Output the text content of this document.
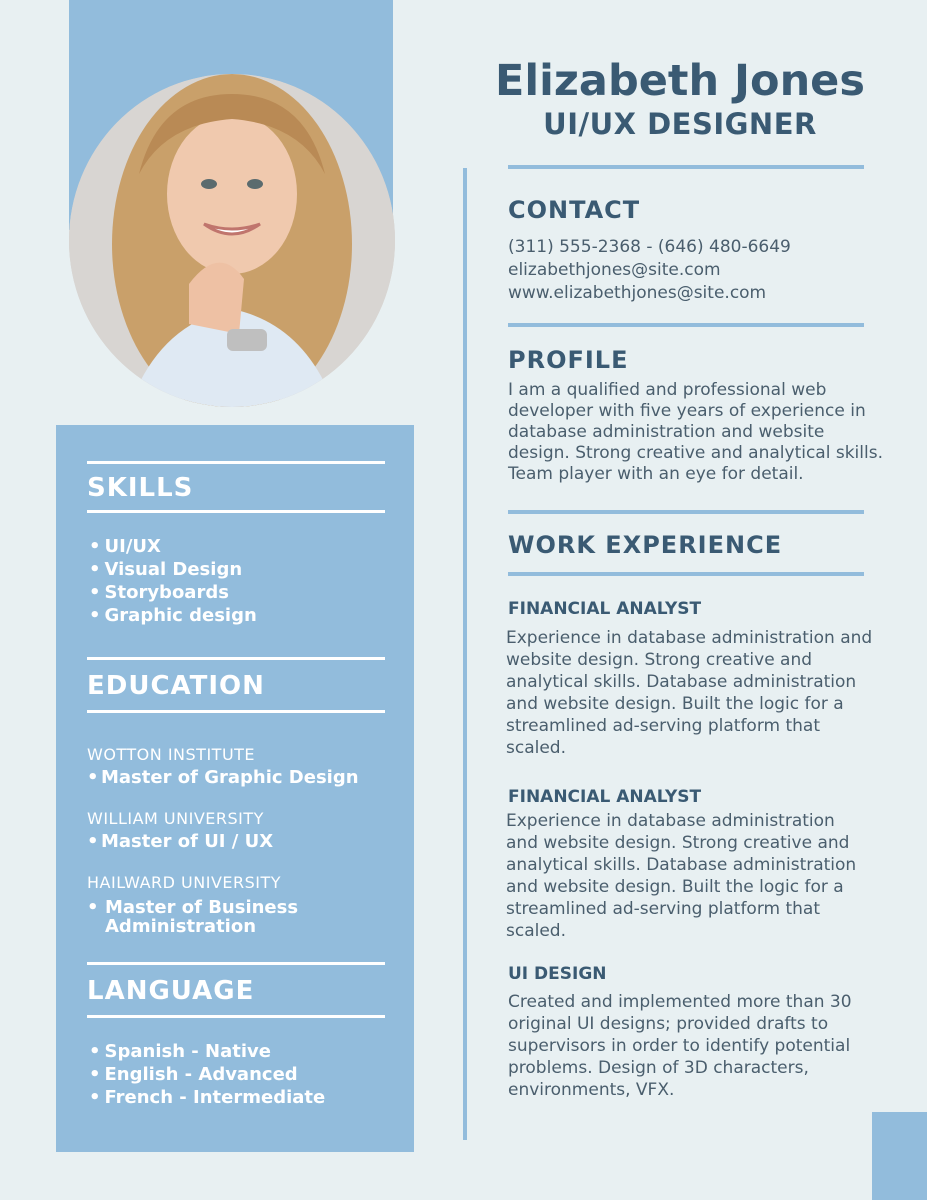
SKILLS
• UI/UX
• Visual Design
• Storyboards
• Graphic design
EDUCATION
WOTTON INSTITUTE
• Master of Graphic Design
WILLIAM UNIVERSITY
• Master of UI / UX
HAILWARD UNIVERSITY
• Master of Business
Administration
LANGUAGE
• Spanish - Native
• English - Advanced
• French - Intermediate
Elizabeth Jones
UI/UX DESIGNER
CONTACT
(311) 555-2368 - (646) 480-6649
elizabethjones@site.com
www.elizabethjones@site.com
PROFILE
I am a qualified and professional web
developer with five years of experience in
database administration and website
design. Strong creative and analytical skills.
Team player with an eye for detail.
WORK EXPERIENCE
FINANCIAL ANALYST
Experience in database administration and
website design. Strong creative and
analytical skills. Database administration
and website design. Built the logic for a
streamlined ad-serving platform that
scaled.
FINANCIAL ANALYST
Experience in database administration
and website design. Strong creative and
analytical skills. Database administration
and website design. Built the logic for a
streamlined ad-serving platform that
scaled.
UI DESIGN
Created and implemented more than 30
original UI designs; provided drafts to
supervisors in order to identify potential
problems. Design of 3D characters,
environments, VFX.
